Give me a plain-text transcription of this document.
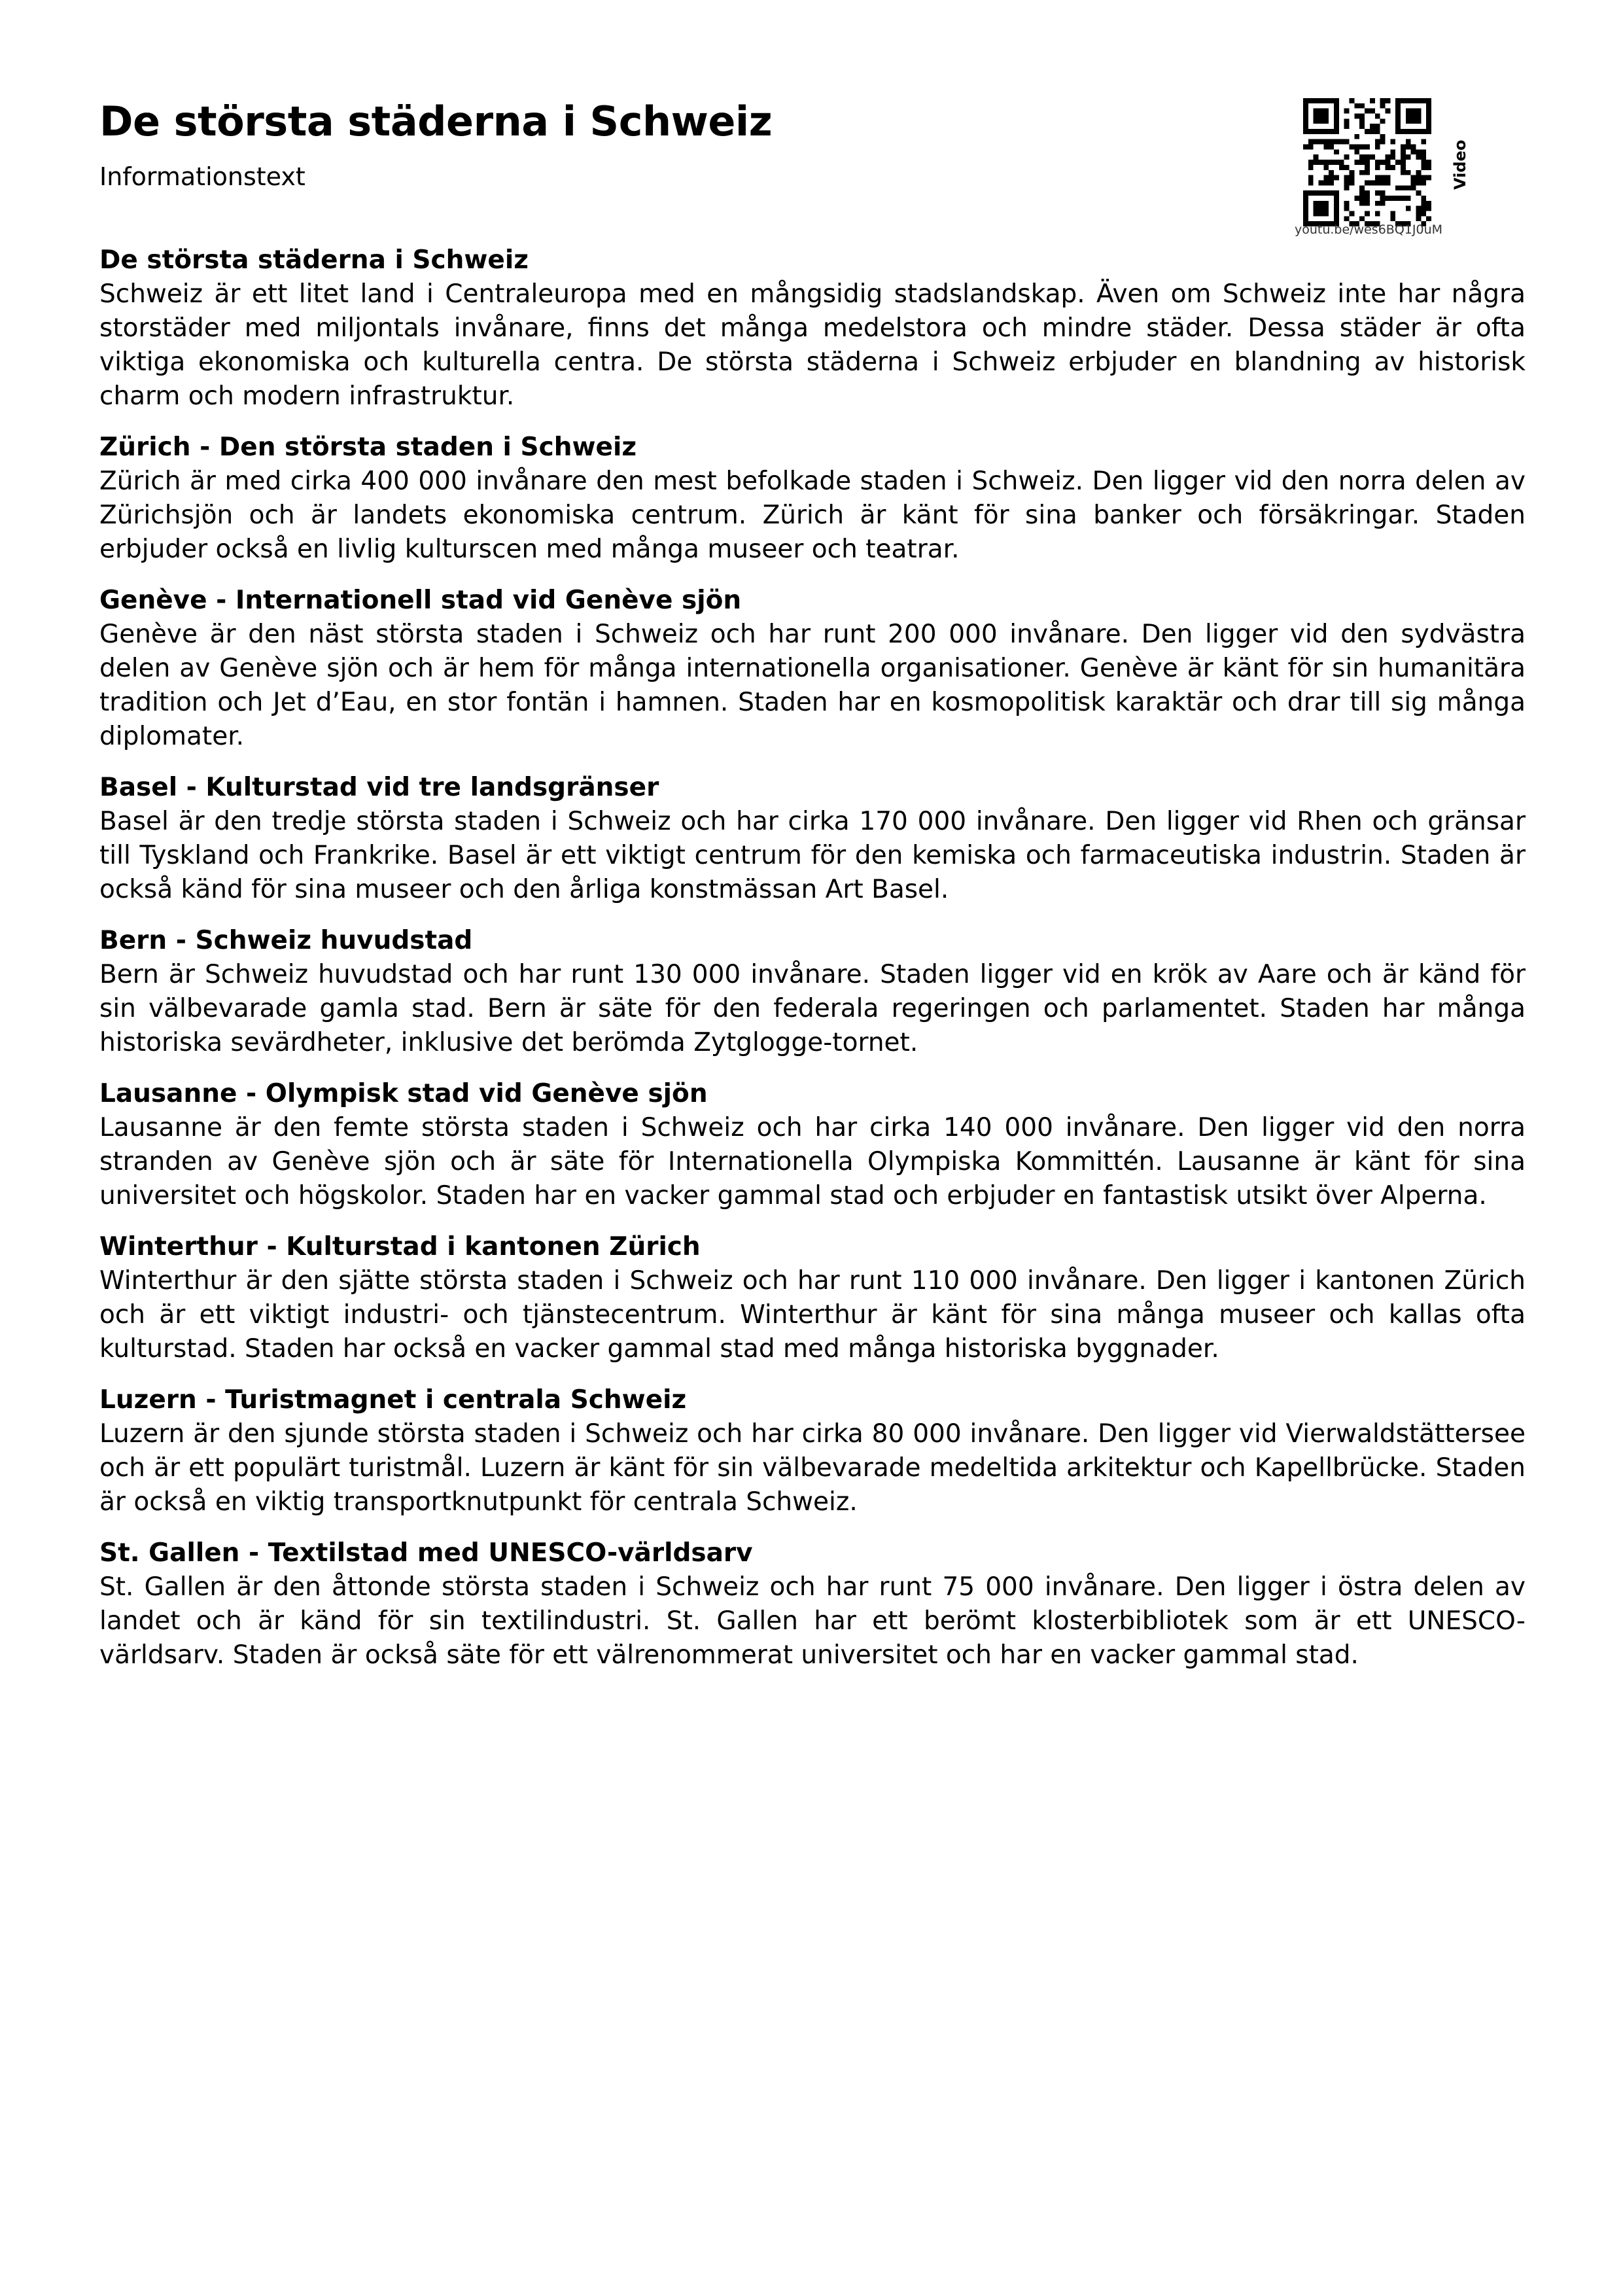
De största städerna i Schweiz

Informationstext

youtu.be/wes6BQ1J0uM
Video

De största städerna i Schweiz

Schweiz är ett litet land i Centraleuropa med en mångsidig stadslandskap. Även om Schweiz inte har några storstäder med miljontals invånare, finns det många medelstora och mindre städer. Dessa städer är ofta viktiga ekonomiska och kulturella centra. De största städerna i Schweiz erbjuder en blandning av historisk charm och modern infrastruktur.

Zürich - Den största staden i Schweiz

Zürich är med cirka 400 000 invånare den mest befolkade staden i Schweiz. Den ligger vid den norra delen av Zürichsjön och är landets ekonomiska centrum. Zürich är känt för sina banker och försäkringar. Staden erbjuder också en livlig kulturscen med många museer och teatrar.

Genève - Internationell stad vid Genève sjön

Genève är den näst största staden i Schweiz och har runt 200 000 invånare. Den ligger vid den sydvästra delen av Genève sjön och är hem för många internationella organisationer. Genève är känt för sin humanitära tradition och Jet d’Eau, en stor fontän i hamnen. Staden har en kosmopolitisk karaktär och drar till sig många diplomater.

Basel - Kulturstad vid tre landsgränser

Basel är den tredje största staden i Schweiz och har cirka 170 000 invånare. Den ligger vid Rhen och gränsar till Tyskland och Frankrike. Basel är ett viktigt centrum för den kemiska och farmaceutiska industrin. Staden är också känd för sina museer och den årliga konstmässan Art Basel.

Bern - Schweiz huvudstad

Bern är Schweiz huvudstad och har runt 130 000 invånare. Staden ligger vid en krök av Aare och är känd för sin välbevarade gamla stad. Bern är säte för den federala regeringen och parlamentet. Staden har många historiska sevärdheter, inklusive det berömda Zytglogge-tornet.

Lausanne - Olympisk stad vid Genève sjön

Lausanne är den femte största staden i Schweiz och har cirka 140 000 invånare. Den ligger vid den norra stranden av Genève sjön och är säte för Internationella Olympiska Kommittén. Lausanne är känt för sina universitet och högskolor. Staden har en vacker gammal stad och erbjuder en fantastisk utsikt över Alperna.

Winterthur - Kulturstad i kantonen Zürich

Winterthur är den sjätte största staden i Schweiz och har runt 110 000 invånare. Den ligger i kantonen Zürich och är ett viktigt industri- och tjänstecentrum. Winterthur är känt för sina många museer och kallas ofta kulturstad. Staden har också en vacker gammal stad med många historiska byggnader.

Luzern - Turistmagnet i centrala Schweiz

Luzern är den sjunde största staden i Schweiz och har cirka 80 000 invånare. Den ligger vid Vierwaldstättersee och är ett populärt turistmål. Luzern är känt för sin välbevarade medeltida arkitektur och Kapellbrücke. Staden är också en viktig transportknutpunkt för centrala Schweiz.

St. Gallen - Textilstad med UNESCO-världsarv

St. Gallen är den åttonde största staden i Schweiz och har runt 75 000 invånare. Den ligger i östra delen av landet och är känd för sin textilindustri. St. Gallen har ett berömt klosterbibliotek som är ett UNESCO-världsarv. Staden är också säte för ett välrenommerat universitet och har en vacker gammal stad.
